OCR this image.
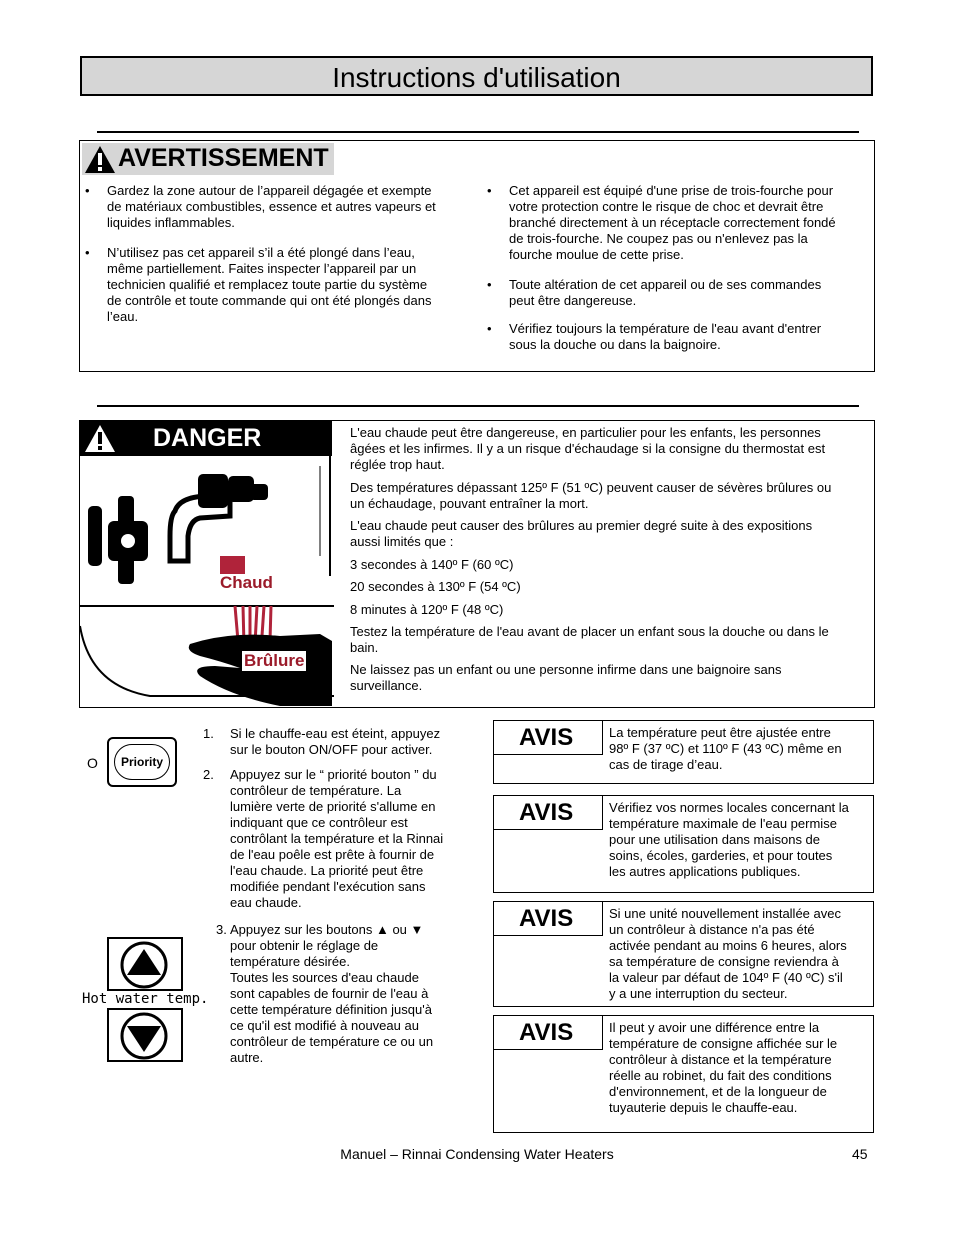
Instructions d'utilisation
AVERTISSEMENT
• Gardez la zone autour de l’appareil dégagée et exempte
de matériaux combustibles, essence et autres vapeurs et
liquides inflammables.
• N’utilisez pas cet appareil s’il a été plongé dans l’eau,
même partiellement. Faites inspecter l’appareil par un
technicien qualifié et remplacez toute partie du système
de contrôle et toute commande qui ont été plongés dans
l’eau.
• Cet appareil est équipé d'une prise de trois-fourche pour
votre protection contre le risque de choc et devrait être
branché directement à un réceptacle correctement fondé
de trois-fourche. Ne coupez pas ou n'enlevez pas la
fourche moulue de cette prise.
• Toute altération de cet appareil ou de ses commandes
peut être dangereuse.
• Vérifiez toujours la température de l'eau avant d'entrer
sous la douche ou dans la baignoire.
DANGER
Chaud
Brûlure
L'eau chaude peut être dangereuse, en particulier pour les enfants, les personnes
âgées et les infirmes. Il y a un risque d'échaudage si la consigne du thermostat est
réglée trop haut.
Des températures dépassant 125º F (51 ºC) peuvent causer de sévères brûlures ou
un échaudage, pouvant entraîner la mort.
L'eau chaude peut causer des brûlures au premier degré suite à des expositions
aussi limités que :
3 secondes à 140º F (60 ºC)
20 secondes à 130º F (54 ºC)
8 minutes à 120º F (48 ºC)
Testez la température de l'eau avant de placer un enfant sous la douche ou dans le
bain.
Ne laissez pas un enfant ou une personne infirme dans une baignoire sans
surveillance.
O	Priority
Hot water temp.
1. Si le chauffe-eau est éteint, appuyez
sur le bouton ON/OFF pour activer.
2. Appuyez sur le “ priorité bouton ” du
contrôleur de température. La
lumière verte de priorité s'allume en
indiquant que ce contrôleur est
contrôlant la température et la Rinnai
de l'eau poêle est prête à fournir de
l'eau chaude. La priorité peut être
modifiée pendant l'exécution sans
eau chaude.
3. Appuyez sur les boutons ▲ ou ▼
pour obtenir le réglage de
température désirée.
Toutes les sources d'eau chaude
sont capables de fournir de l'eau à
cette température définition jusqu'à
ce qu'il est modifié à nouveau au
contrôleur de température ce ou un
autre.
AVIS	La température peut être ajustée entre
98º F (37 ºC) et 110º F (43 ºC) même en
cas de tirage d’eau.
AVIS	Vérifiez vos normes locales concernant la
température maximale de l'eau permise
pour une utilisation dans maisons de
soins, écoles, garderies, et pour toutes
les autres applications publiques.
AVIS	Si une unité nouvellement installée avec
un contrôleur à distance n'a pas été
activée pendant au moins 6 heures, alors
sa température de consigne reviendra à
la valeur par défaut de 104º F (40 ºC) s'il
y a une interruption du secteur.
AVIS	Il peut y avoir une différence entre la
température de consigne affichée sur le
contrôleur à distance et la température
réelle au robinet, du fait des conditions
d'environnement, et de la longueur de
tuyauterie depuis le chauffe-eau.
Manuel – Rinnai Condensing Water Heaters	45
